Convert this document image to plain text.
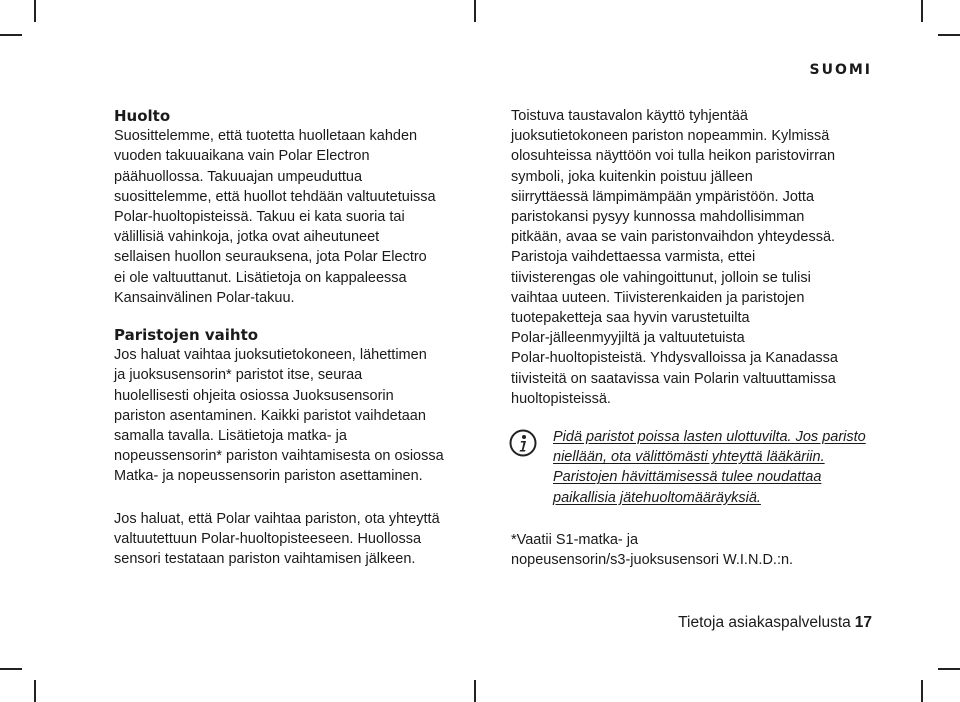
SUOMI
Huolto

Suosittelemme, että tuotetta huolletaan kahden
vuoden takuuaikana vain Polar Electron
päähuollossa. Takuuajan umpeuduttua
suosittelemme, että huollot tehdään valtuutetuissa
Polar-huoltopisteissä. Takuu ei kata suoria tai
välillisiä vahinkoja, jotka ovat aiheutuneet
sellaisen huollon seurauksena, jota Polar Electro
ei ole valtuuttanut. Lisätietoja on kappaleessa
Kansainvälinen Polar-takuu.

Paristojen vaihto

Jos haluat vaihtaa juoksutietokoneen, lähettimen
ja juoksusensorin* paristot itse, seuraa
huolellisesti ohjeita osiossa Juoksusensorin
pariston asentaminen. Kaikki paristot vaihdetaan
samalla tavalla. Lisätietoja matka- ja
nopeussensorin* pariston vaihtamisesta on osiossa
Matka- ja nopeussensorin pariston asettaminen.

Jos haluat, että Polar vaihtaa pariston, ota yhteyttä
valtuutettuun Polar-huoltopisteeseen. Huollossa
sensori testataan pariston vaihtamisen jälkeen.

Toistuva taustavalon käyttö tyhjentää
juoksutietokoneen pariston nopeammin. Kylmissä
olosuhteissa näyttöön voi tulla heikon paristovirran
symboli, joka kuitenkin poistuu jälleen
siirryttäessä lämpimämpään ympäristöön. Jotta
paristokansi pysyy kunnossa mahdollisimman
pitkään, avaa se vain paristonvaihdon yhteydessä.
Paristoja vaihdettaessa varmista, ettei
tiivisterengas ole vahingoittunut, jolloin se tulisi
vaihtaa uuteen. Tiivisterenkaiden ja paristojen
tuotepaketteja saa hyvin varustetuilta
Polar-jälleenmyyjiltä ja valtuutetuista
Polar-huoltopisteistä. Yhdysvalloissa ja Kanadassa
tiivisteitä on saatavissa vain Polarin valtuuttamissa
huoltopisteissä.

Pidä paristot poissa lasten ulottuvilta. Jos paristo
niellään, ota välittömästi yhteyttä lääkäriin.
Paristojen hävittämisessä tulee noudattaa
paikallisia jätehuoltomääräyksiä.
*Vaatii S1-matka- ja
nopeusensorin/s3-juoksusensori W.I.N.D.:n.
Tietoja asiakaspalvelusta 17
